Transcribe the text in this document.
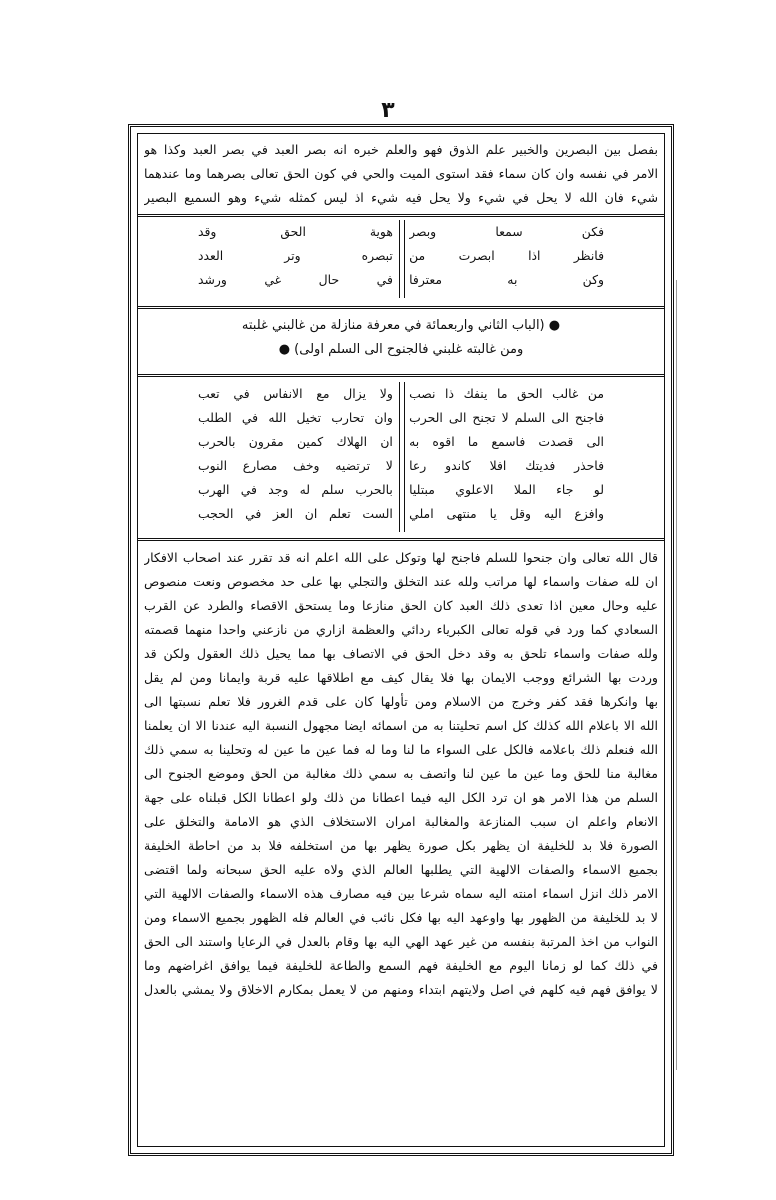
٣
بفصل بين البصرين والخبير علم الذوق فهو والعلم خبره انه بصر العبد في بصر العبد وكذا هو
الامر في نفسه وان كان سماء فقد استوى الميت والحي في كون الحق تعالى بصرهما وما عندهما
شيء فان الله لا يحل في شيء ولا يحل فيه شيء اذ ليس كمثله شيء وهو السميع البصير
فكن سمعا وبصر
فانظر اذا ابصرت من
وكن به معترفا
هوية الحق وقد
تبصره وتر العدد
في حال غي ورشد
● (الباب الثاني واربعمائة في معرفة منازلة من غالبني غلبته
ومن غالبته غلبني فالجنوح الى السلم اولى) ●
من غالب الحق ما ينفك ذا نصب
فاجنح الى السلم لا تجنح الى الحرب
الى قصدت فاسمع ما اقوه به
فاحذر فديتك افلا كاندو رعا
لو جاء الملا الاعلوي مبتليا
وافزع اليه وقل يا منتهى املي
ولا يزال مع الانفاس في تعب
وان تحارب تخيل الله في الطلب
ان الهلاك كمين مقرون بالحرب
لا ترتضيه وخف مصارع النوب
بالحرب سلم له وجد في الهرب
الست تعلم ان العز في الحجب
قال الله تعالى وان جنحوا للسلم فاجنح لها وتوكل على الله اعلم انه قد تقرر عند اصحاب الافكار
ان لله صفات واسماء لها مراتب ولله عند التخلق والتجلي بها على حد مخصوص ونعت منصوص
عليه وحال معين اذا تعدى ذلك العبد كان الحق منازعا وما يستحق الاقصاء والطرد عن القرب
السعادي كما ورد في قوله تعالى الكبرياء ردائي والعظمة ازاري من نازعني واحدا منهما قصمته
ولله صفات واسماء تلحق به وقد دخل الحق في الاتصاف بها مما يحيل ذلك العقول ولكن قد
وردت بها الشرائع ووجب الايمان بها فلا يقال كيف مع اطلاقها عليه قربة وايمانا ومن لم يقل
بها وانكرها فقد كفر وخرج من الاسلام ومن تأولها كان على قدم الغرور فلا تعلم نسبتها الى
الله الا باعلام الله كذلك كل اسم تحليتنا به من اسمائه ايضا مجهول النسبة اليه عندنا الا ان يعلمنا
الله فنعلم ذلك باعلامه فالكل على السواء ما لنا وما له فما عين ما عين له وتحلينا به سمي ذلك
مغالبة منا للحق وما عين ما عين لنا واتصف به سمي ذلك مغالبة من الحق وموضع الجنوح الى
السلم من هذا الامر هو ان ترد الكل اليه فيما اعطانا من ذلك ولو اعطانا الكل قبلناه على جهة
الانعام واعلم ان سبب المنازعة والمغالبة امران الاستخلاف الذي هو الامامة والتخلق على
الصورة فلا بد للخليفة ان يظهر بكل صورة يظهر بها من استخلفه فلا بد من احاطة الخليفة
بجميع الاسماء والصفات الالهية التي يطلبها العالم الذي ولاه عليه الحق سبحانه ولما اقتضى
الامر ذلك انزل اسماء امنته اليه سماه شرعا بين فيه مصارف هذه الاسماء والصفات الالهية التي
لا بد للخليفة من الظهور بها واوعهد اليه بها فكل نائب في العالم فله الظهور بجميع الاسماء ومن
النواب من اخذ المرتبة بنفسه من غير عهد الهي اليه بها وقام بالعدل في الرعايا واستند الى الحق
في ذلك كما لو زمانا اليوم مع الخليفة فهم السمع والطاعة للخليفة فيما يوافق اغراضهم وما
لا يوافق فهم فيه كلهم في اصل ولايتهم ابتداء ومنهم من لا يعمل بمكارم الاخلاق ولا يمشي بالعدل
